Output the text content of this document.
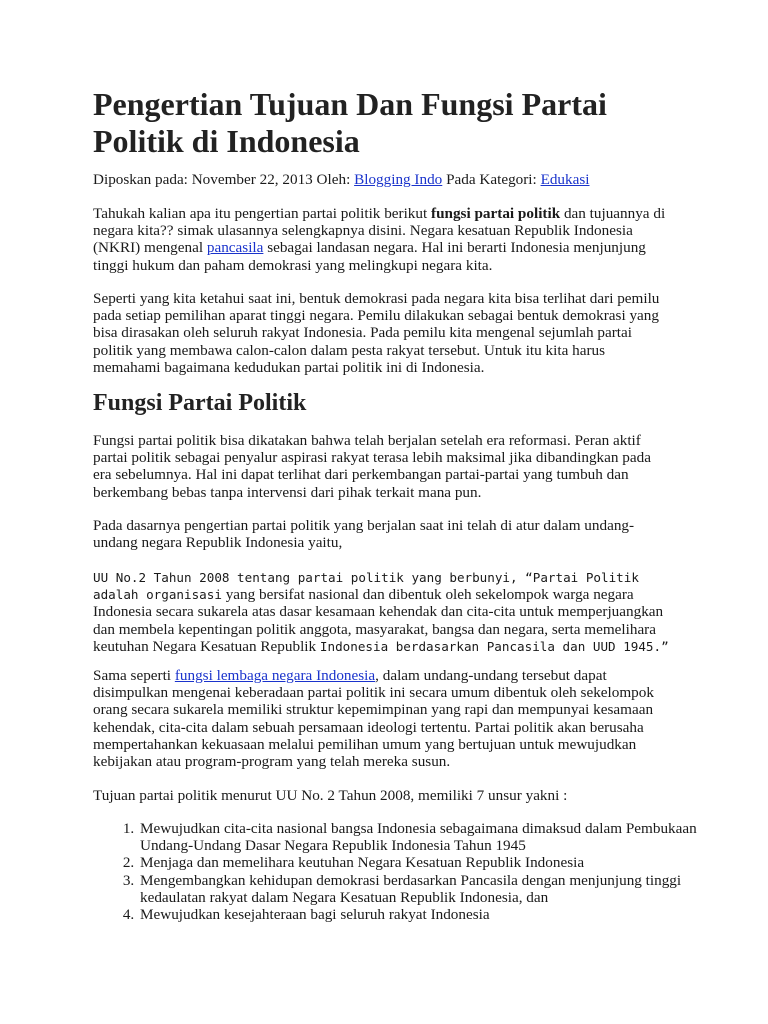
Pengertian Tujuan Dan Fungsi Partai Politik di Indonesia

Diposkan pada: November 22, 2013 Oleh: Blogging Indo Pada Kategori: Edukasi

Tahukah kalian apa itu pengertian partai politik berikut fungsi partai politik dan tujuannya di negara kita?? simak ulasannya selengkapnya disini. Negara kesatuan Republik Indonesia (NKRI) mengenal pancasila sebagai landasan negara. Hal ini berarti Indonesia menjunjung tinggi hukum dan paham demokrasi yang melingkupi negara kita.

Seperti yang kita ketahui saat ini, bentuk demokrasi pada negara kita bisa terlihat dari pemilu pada setiap pemilihan aparat tinggi negara. Pemilu dilakukan sebagai bentuk demokrasi yang bisa dirasakan oleh seluruh rakyat Indonesia. Pada pemilu kita mengenal sejumlah partai politik yang membawa calon-calon dalam pesta rakyat tersebut. Untuk itu kita harus memahami bagaimana kedudukan partai politik ini di Indonesia.

Fungsi Partai Politik

Fungsi partai politik bisa dikatakan bahwa telah berjalan setelah era reformasi. Peran aktif partai politik sebagai penyalur aspirasi rakyat terasa lebih maksimal jika dibandingkan pada era sebelumnya. Hal ini dapat terlihat dari perkembangan partai-partai yang tumbuh dan berkembang bebas tanpa intervensi dari pihak terkait mana pun.

Pada dasarnya pengertian partai politik yang berjalan saat ini telah di atur dalam undang-undang negara Republik Indonesia yaitu,

UU No.2 Tahun 2008 tentang partai politik yang berbunyi, “Partai Politik adalah organisasi yang bersifat nasional dan dibentuk oleh sekelompok warga negara Indonesia secara sukarela atas dasar kesamaan kehendak dan cita-cita untuk memperjuangkan dan membela kepentingan politik anggota, masyarakat, bangsa dan negara, serta memelihara keutuhan Negara Kesatuan Republik Indonesia berdasarkan Pancasila dan UUD 1945.”

Sama seperti fungsi lembaga negara Indonesia, dalam undang-undang tersebut dapat disimpulkan mengenai keberadaan partai politik ini secara umum dibentuk oleh sekelompok orang secara sukarela memiliki struktur kepemimpinan yang rapi dan mempunyai kesamaan kehendak, cita-cita dalam sebuah persamaan ideologi tertentu. Partai politik akan berusaha mempertahankan kekuasaan melalui pemilihan umum yang bertujuan untuk mewujudkan kebijakan atau program-program yang telah mereka susun.

Tujuan partai politik menurut UU No. 2 Tahun 2008, memiliki 7 unsur yakni :

1. Mewujudkan cita-cita nasional bangsa Indonesia sebagaimana dimaksud dalam Pembukaan Undang-Undang Dasar Negara Republik Indonesia Tahun 1945
2. Menjaga dan memelihara keutuhan Negara Kesatuan Republik Indonesia
3. Mengembangkan kehidupan demokrasi berdasarkan Pancasila dengan menjunjung tinggi kedaulatan rakyat dalam Negara Kesatuan Republik Indonesia, dan
4. Mewujudkan kesejahteraan bagi seluruh rakyat Indonesia
